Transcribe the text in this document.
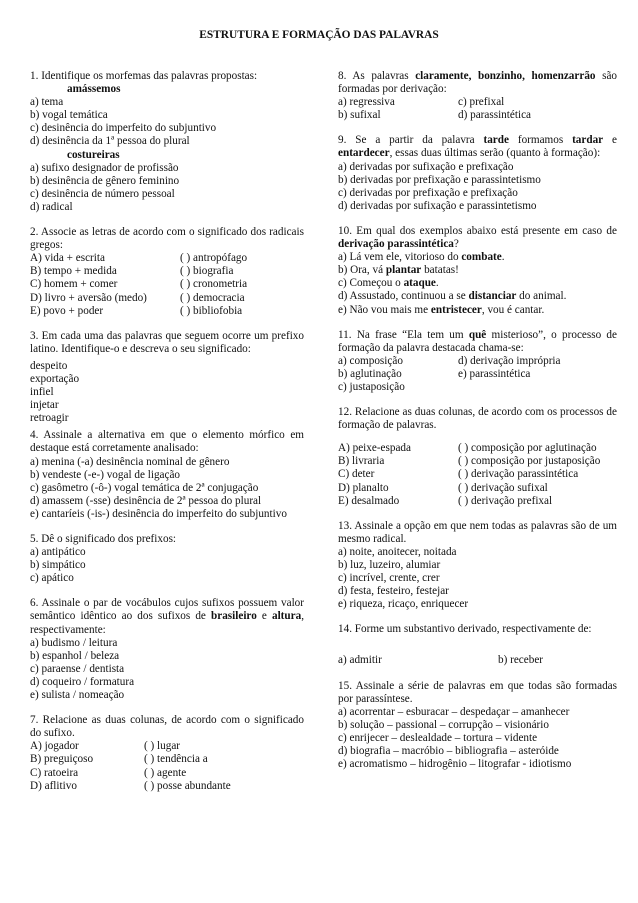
ESTRUTURA E FORMAÇÃO DAS PALAVRAS
1. Identifique os morfemas das palavras propostas:
amássemos
a) tema
b) vogal temática
c) desinência do imperfeito do subjuntivo
d) desinência da 1ª pessoa do plural
costureiras
a) sufixo designador de profissão
b) desinência de gênero feminino
c) desinência de número pessoal
d) radical
2. Associe as letras de acordo com o significado dos radicais gregos:
A) vida + escrita	( ) antropófago
B) tempo + medida	( ) biografia
C) homem + comer	( ) cronometria
D) livro + aversão (medo)	( ) democracia
E) povo + poder	( ) bibliofobia
3. Em cada uma das palavras que seguem ocorre um prefixo latino. Identifique-o e descreva o seu significado:
despeito
exportação
infiel
injetar
retroagir
4. Assinale a alternativa em que o elemento mórfico em destaque está corretamente analisado:
a) menina (-a) desinência nominal de gênero
b) vendeste (-e-) vogal de ligação
c) gasômetro (-ô-) vogal temática de 2ª conjugação
d) amassem (-sse) desinência de 2ª pessoa do plural
e) cantaríeis (-is-) desinência do imperfeito do subjuntivo
5. Dê o significado dos prefixos:
a) antipático
b) simpático
c) apático
6. Assinale o par de vocábulos cujos sufixos possuem valor semântico idêntico ao dos sufixos de brasileiro e altura, respectivamente:
a) budismo / leitura
b) espanhol / beleza
c) paraense / dentista
d) coqueiro / formatura
e) sulista / nomeação
7. Relacione as duas colunas, de acordo com o significado do sufixo.
A) jogador	( ) lugar
B) preguiçoso	( ) tendência a
C) ratoeira	( ) agente
D) aflitivo	( ) posse abundante
8. As palavras claramente, bonzinho, homenzarrão são formadas por derivação:
a) regressiva	c) prefixal
b) sufixal	d) parassintética
9. Se a partir da palavra tarde formamos tardar e entardecer, essas duas últimas serão (quanto à formação):
a) derivadas por sufixação e prefixação
b) derivadas por prefixação e parassintetismo
c) derivadas por prefixação e prefixação
d) derivadas por sufixação e parassintetismo
10. Em qual dos exemplos abaixo está presente em caso de derivação parassintética?
a) Lá vem ele, vitorioso do combate.
b) Ora, vá plantar batatas!
c) Começou o ataque.
d) Assustado, continuou a se distanciar do animal.
e) Não vou mais me entristecer, vou é cantar.
11. Na frase “Ela tem um quê misterioso”, o processo de formação da palavra destacada chama-se:
a) composição	d) derivação imprópria
b) aglutinação	e) parassintética
c) justaposição
12. Relacione as duas colunas, de acordo com os processos de formação de palavras.
A) peixe-espada	( ) composição por aglutinação
B) livraria	( ) composição por justaposição
C) deter	( ) derivação parassintética
D) planalto	( ) derivação sufixal
E) desalmado	( ) derivação prefixal
13. Assinale a opção em que nem todas as palavras são de um mesmo radical.
a) noite, anoitecer, noitada
b) luz, luzeiro, alumiar
c) incrível, crente, crer
d) festa, festeiro, festejar
e) riqueza, ricaço, enriquecer
14. Forme um substantivo derivado, respectivamente de:
a) admitir	b) receber
15. Assinale a série de palavras em que todas são formadas por parassíntese.
a) acorrentar – esburacar – despedaçar – amanhecer
b) solução – passional – corrupção – visionário
c) enrijecer – deslealdade – tortura – vidente
d) biografia – macróbio – bibliografia – asteróide
e) acromatismo – hidrogênio – litografar - idiotismo
